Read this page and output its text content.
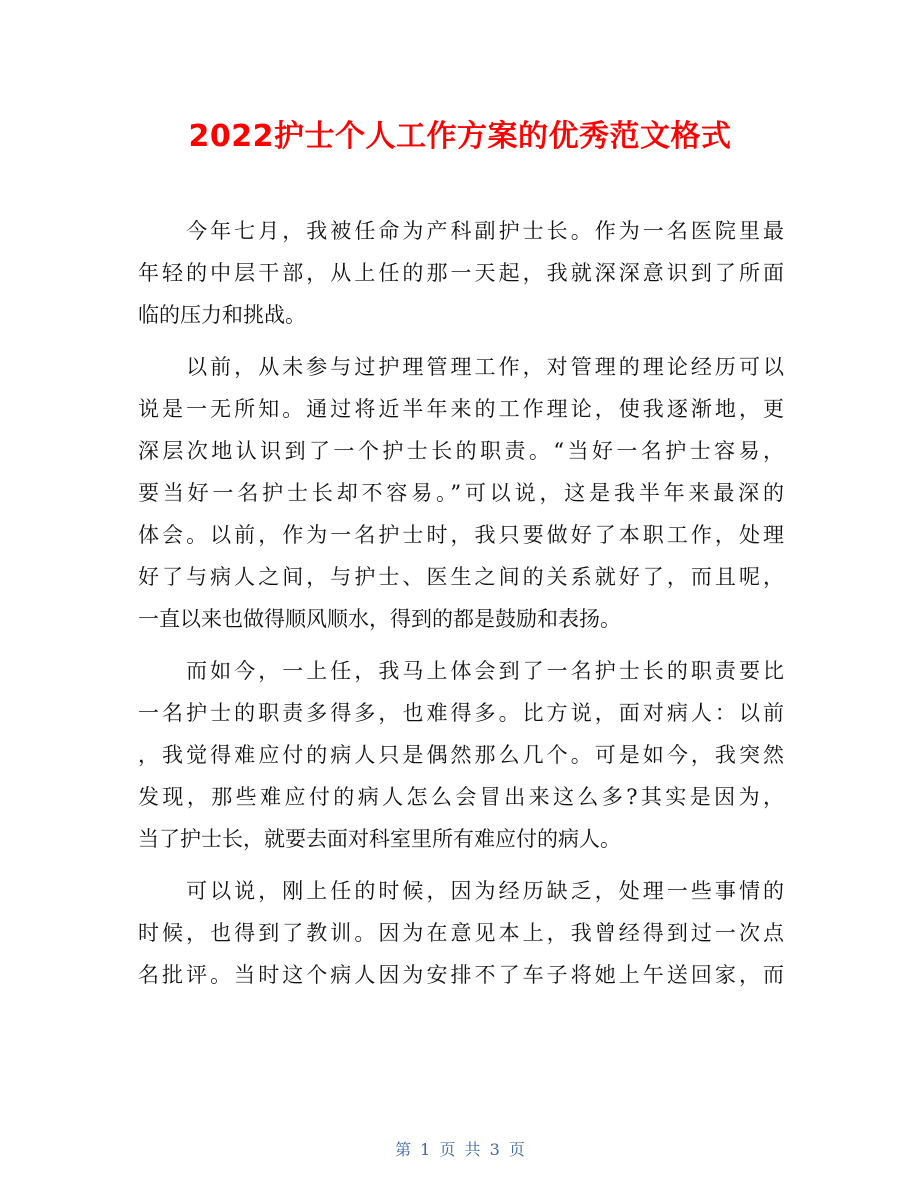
2022护士个人工作方案的优秀范文格式

　　今年七月，我被任命为产科副护士长。作为一名医院里最
年轻的中层干部，从上任的那一天起，我就深深意识到了所面
临的压力和挑战。

　　以前，从未参与过护理管理工作，对管理的理论经历可以
说是一无所知。通过将近半年来的工作理论，使我逐渐地，更
深层次地认识到了一个护士长的职责。“当好一名护士容易，
要当好一名护士长却不容易。”可以说，这是我半年来最深的
体会。以前，作为一名护士时，我只要做好了本职工作，处理
好了与病人之间，与护士、医生之间的关系就好了，而且呢，
一直以来也做得顺风顺水，得到的都是鼓励和表扬。

　　而如今，一上任，我马上体会到了一名护士长的职责要比
一名护士的职责多得多，也难得多。比方说，面对病人：以前
，我觉得难应付的病人只是偶然那么几个。可是如今，我突然
发现，那些难应付的病人怎么会冒出来这么多?其实是因为，
当了护士长，就要去面对科室里所有难应付的病人。

　　可以说，刚上任的时候，因为经历缺乏，处理一些事情的
时候，也得到了教训。因为在意见本上，我曾经得到过一次点
名批评。当时这个病人因为安排不了车子将她上午送回家，而

第 1 页 共 3 页
